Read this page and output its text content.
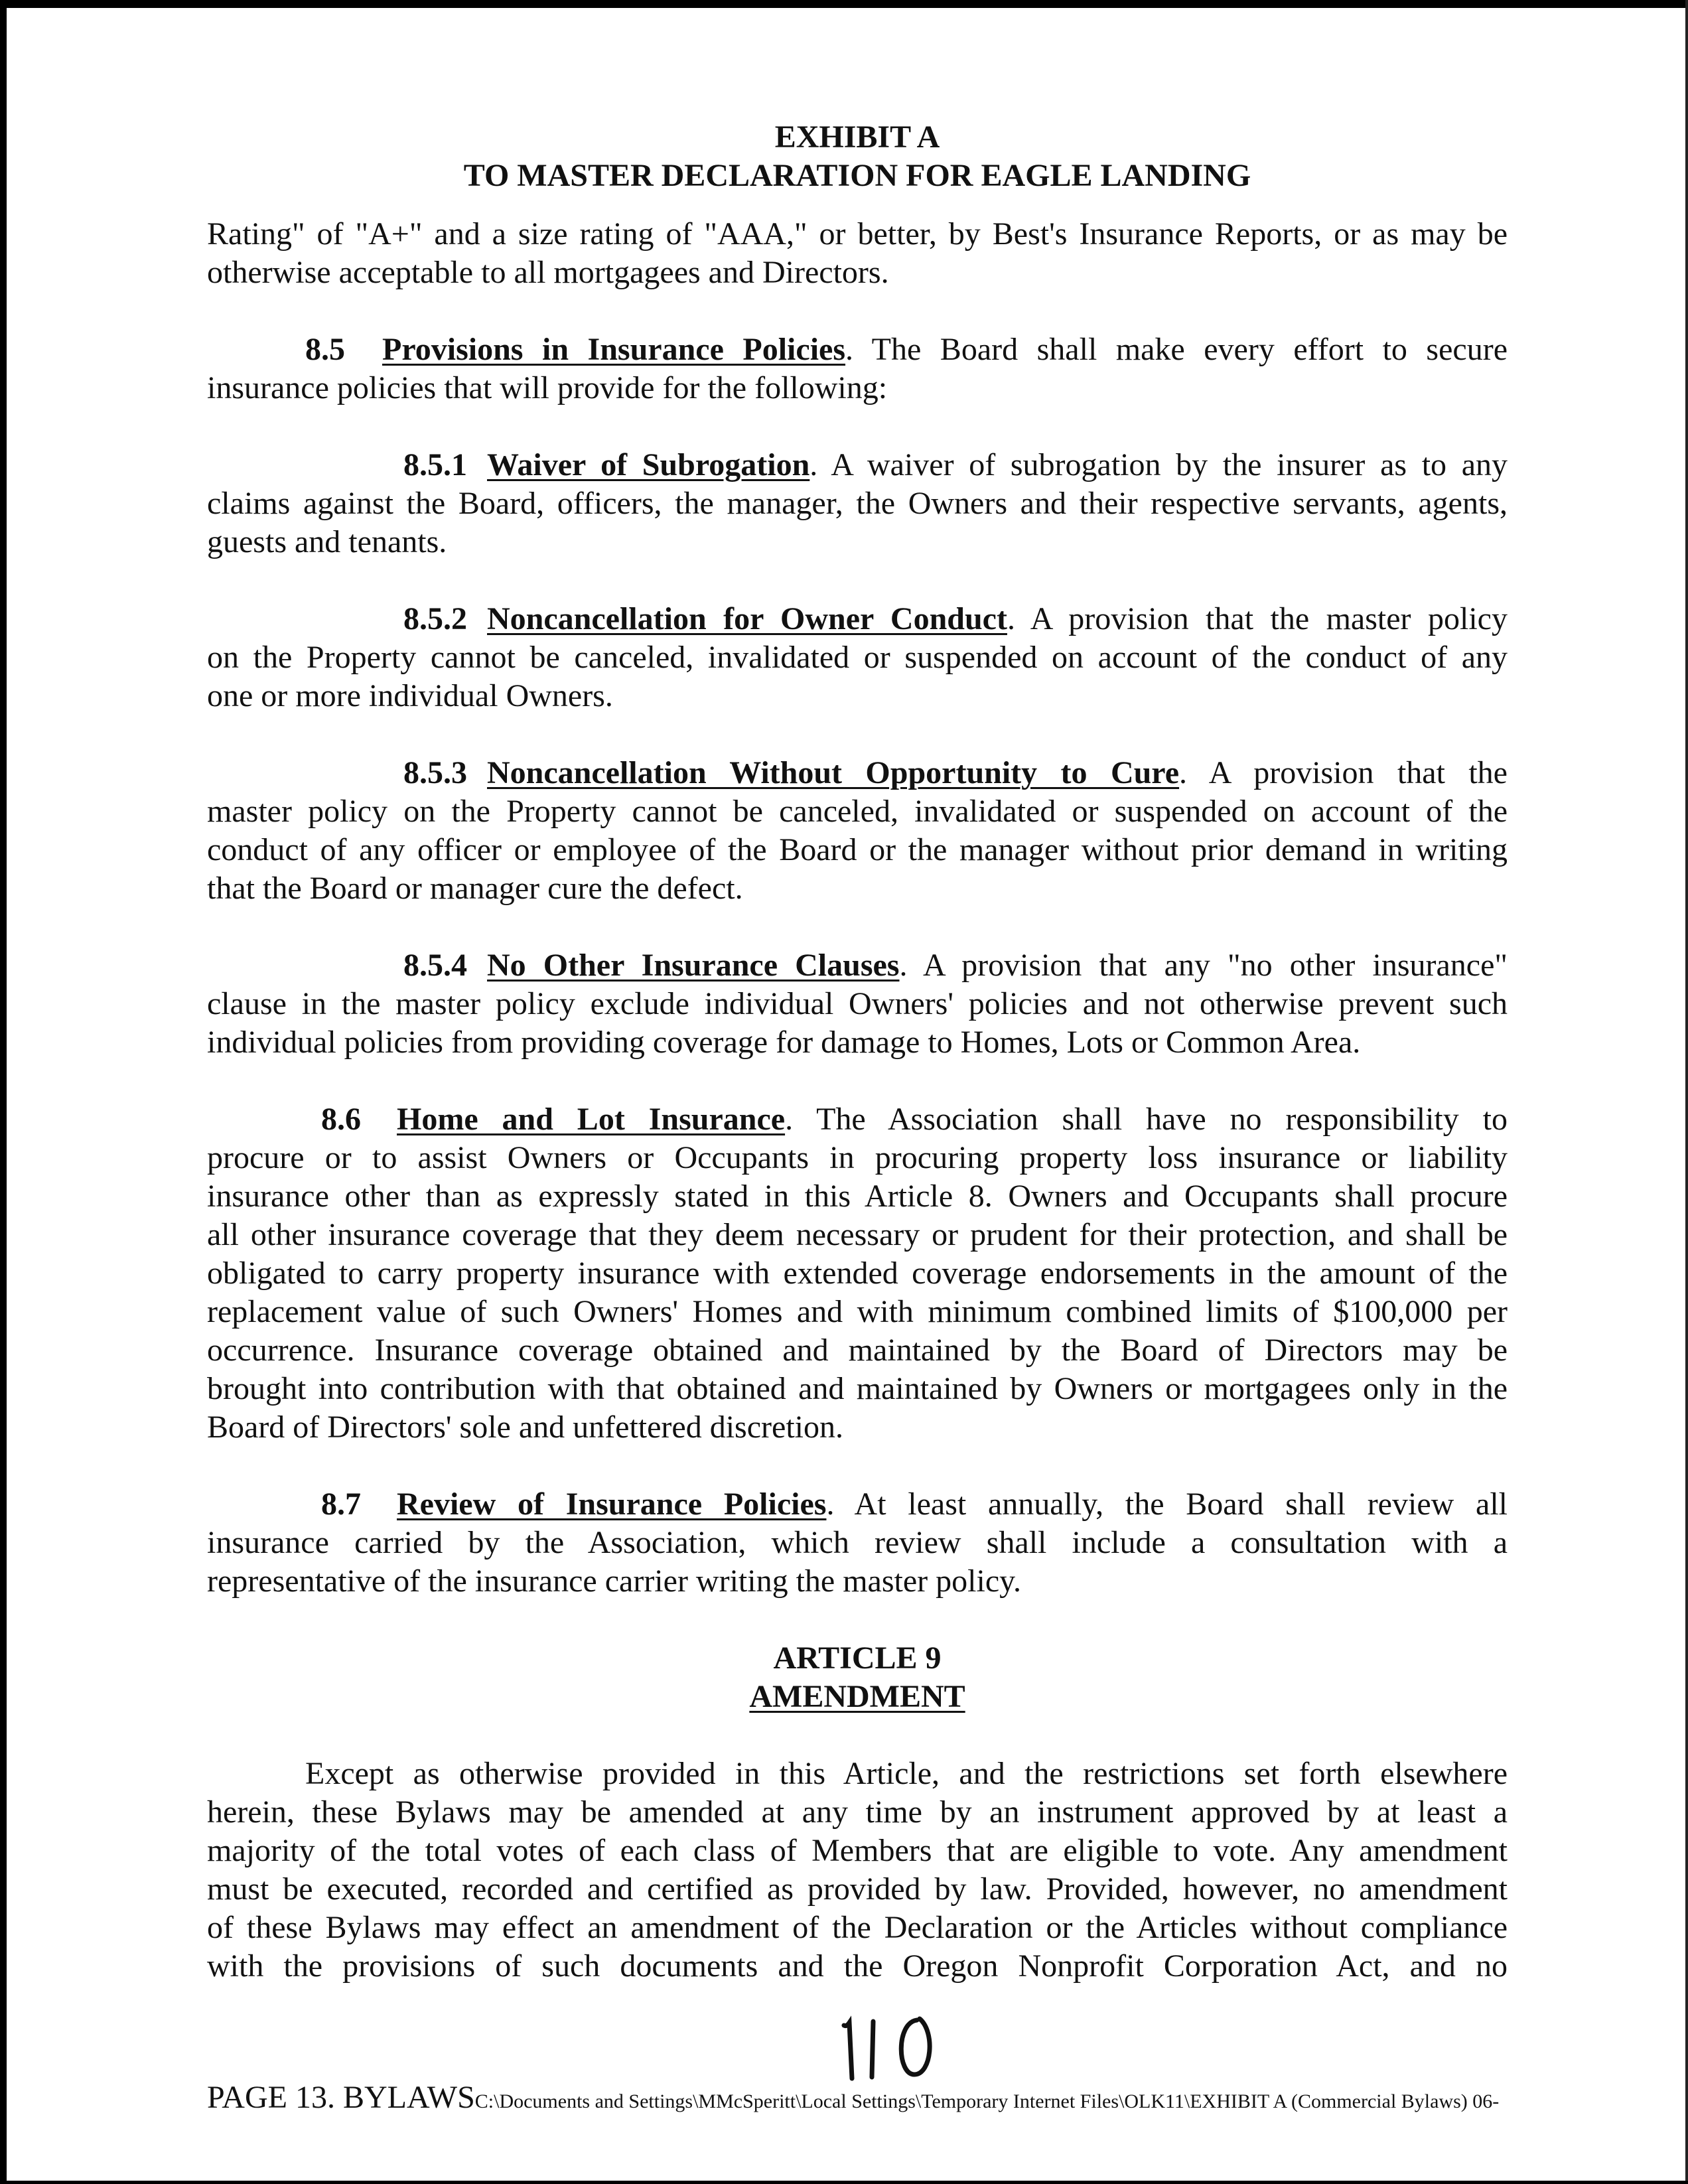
EXHIBIT A
TO MASTER DECLARATION FOR EAGLE LANDING
Rating" of "A+" and a size rating of "AAA," or better, by Best's Insurance Reports, or as may be
otherwise acceptable to all mortgagees and Directors.
8.5 Provisions in Insurance Policies. The Board shall make every effort to secure
insurance policies that will provide for the following:
8.5.1 Waiver of Subrogation. A waiver of subrogation by the insurer as to any
claims against the Board, officers, the manager, the Owners and their respective servants, agents,
guests and tenants.
8.5.2 Noncancellation for Owner Conduct. A provision that the master policy
on the Property cannot be canceled, invalidated or suspended on account of the conduct of any
one or more individual Owners.
8.5.3 Noncancellation Without Opportunity to Cure. A provision that the
master policy on the Property cannot be canceled, invalidated or suspended on account of the
conduct of any officer or employee of the Board or the manager without prior demand in writing
that the Board or manager cure the defect.
8.5.4 No Other Insurance Clauses. A provision that any "no other insurance"
clause in the master policy exclude individual Owners' policies and not otherwise prevent such
individual policies from providing coverage for damage to Homes, Lots or Common Area.
8.6 Home and Lot Insurance. The Association shall have no responsibility to
procure or to assist Owners or Occupants in procuring property loss insurance or liability
insurance other than as expressly stated in this Article 8. Owners and Occupants shall procure
all other insurance coverage that they deem necessary or prudent for their protection, and shall be
obligated to carry property insurance with extended coverage endorsements in the amount of the
replacement value of such Owners' Homes and with minimum combined limits of $100,000 per
occurrence. Insurance coverage obtained and maintained by the Board of Directors may be
brought into contribution with that obtained and maintained by Owners or mortgagees only in the
Board of Directors' sole and unfettered discretion.
8.7 Review of Insurance Policies. At least annually, the Board shall review all
insurance carried by the Association, which review shall include a consultation with a
representative of the insurance carrier writing the master policy.
ARTICLE 9
AMENDMENT
Except as otherwise provided in this Article, and the restrictions set forth elsewhere
herein, these Bylaws may be amended at any time by an instrument approved by at least a
majority of the total votes of each class of Members that are eligible to vote. Any amendment
must be executed, recorded and certified as provided by law. Provided, however, no amendment
of these Bylaws may effect an amendment of the Declaration or the Articles without compliance
with the provisions of such documents and the Oregon Nonprofit Corporation Act, and no
PAGE 13. BYLAWSC:\Documents and Settings\MMcSperitt\Local Settings\Temporary Internet Files\OLK11\EXHIBIT A (Commercial Bylaws) 06-
